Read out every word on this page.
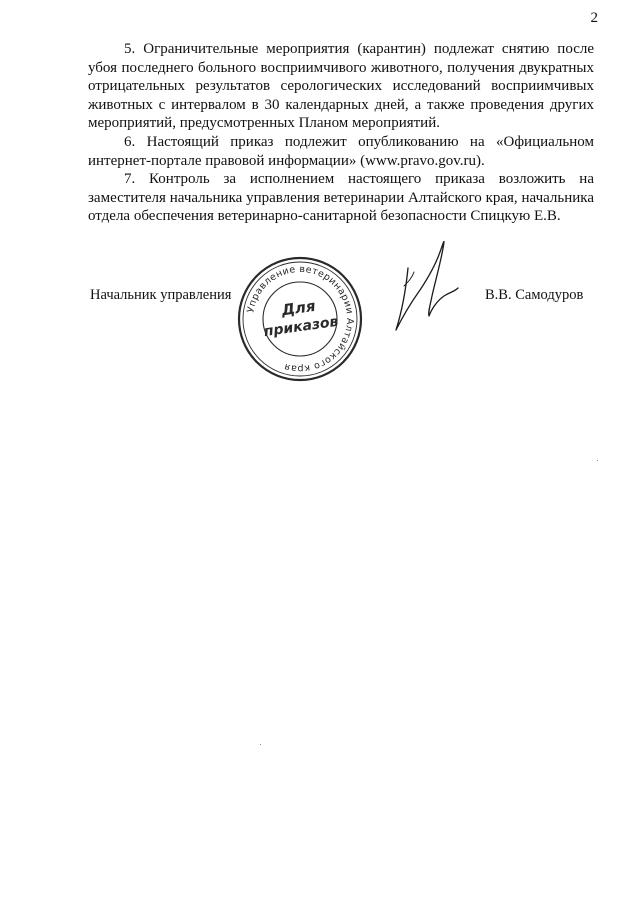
2

5. Ограничительные мероприятия (карантин) подлежат снятию после убоя последнего больного восприимчивого животного, получения двукратных отрицательных результатов серологических исследований восприимчивых животных с интервалом в 30 календарных дней, а также проведения других мероприятий, предусмотренных Планом мероприятий.

6. Настоящий приказ подлежит опубликованию на «Официальном интернет-портале правовой информации» (www.pravo.gov.ru).

7. Контроль за исполнением настоящего приказа возложить на заместителя начальника управления ветеринарии Алтайского края, начальника отдела обеспечения ветеринарно-санитарной безопасности Спицкую Е.В.

Начальник управления
Управление ветеринарии Алтайского края
Для
приказов
В.В. Самодуров
